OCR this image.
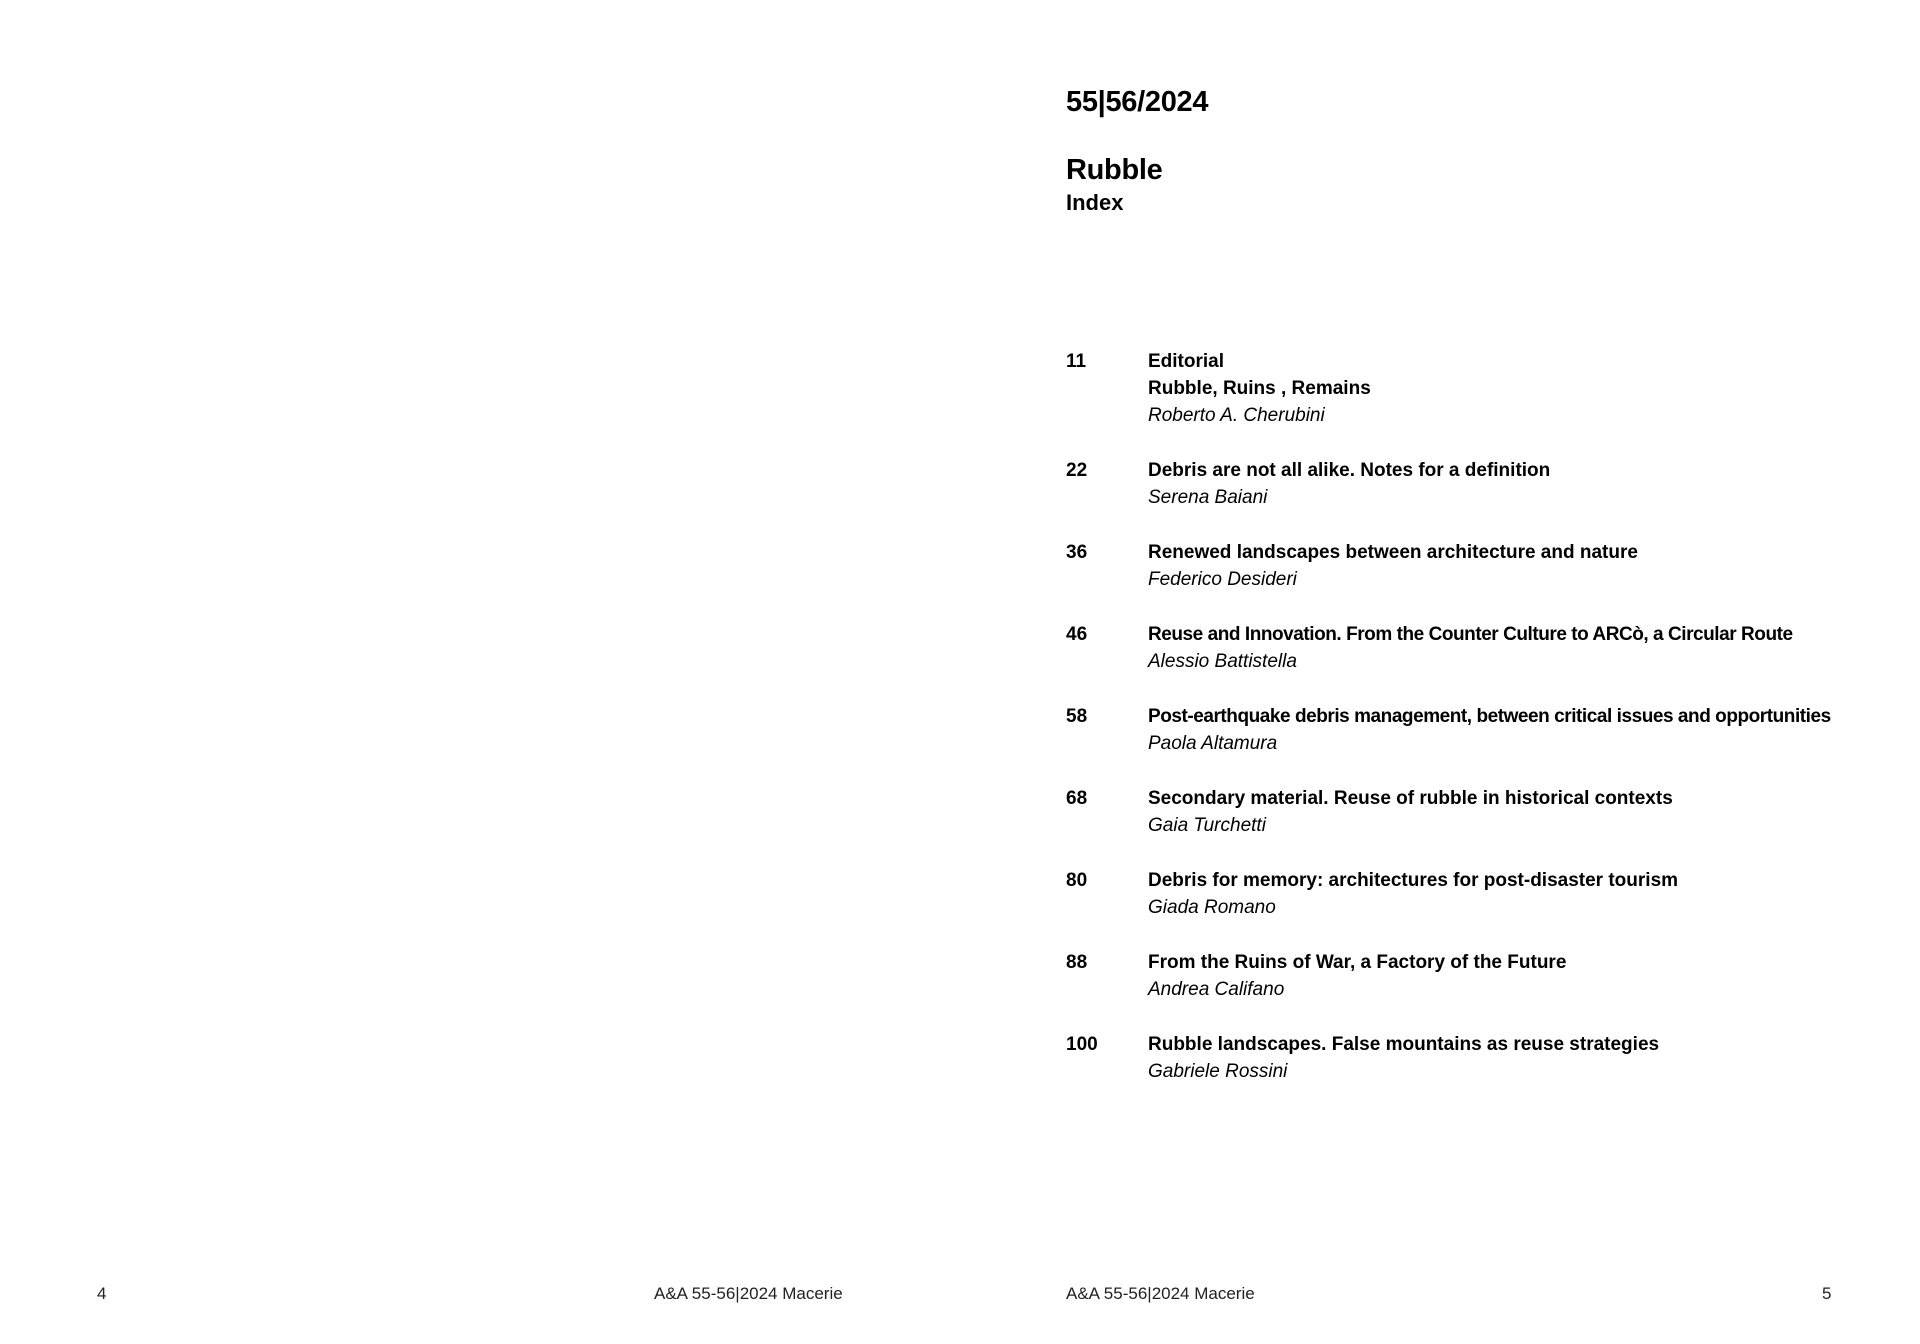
4	A&A 55-56|2024 Macerie
55|56/2024
Rubble
Index
11	Editorial
Rubble, Ruins , Remains
Roberto A. Cherubini
22	Debris are not all alike. Notes for a definition
Serena Baiani
36	Renewed landscapes between architecture and nature
Federico Desideri
46	Reuse and Innovation. From the Counter Culture to ARCò, a Circular Route
Alessio Battistella
58	Post-earthquake debris management, between critical issues and opportunities
Paola Altamura
68	Secondary material. Reuse of rubble in historical contexts
Gaia Turchetti
80	Debris for memory: architectures for post-disaster tourism
Giada Romano
88	From the Ruins of War, a Factory of the Future
Andrea Califano
100	Rubble landscapes. False mountains as reuse strategies
Gabriele Rossini
A&A 55-56|2024 Macerie	5
